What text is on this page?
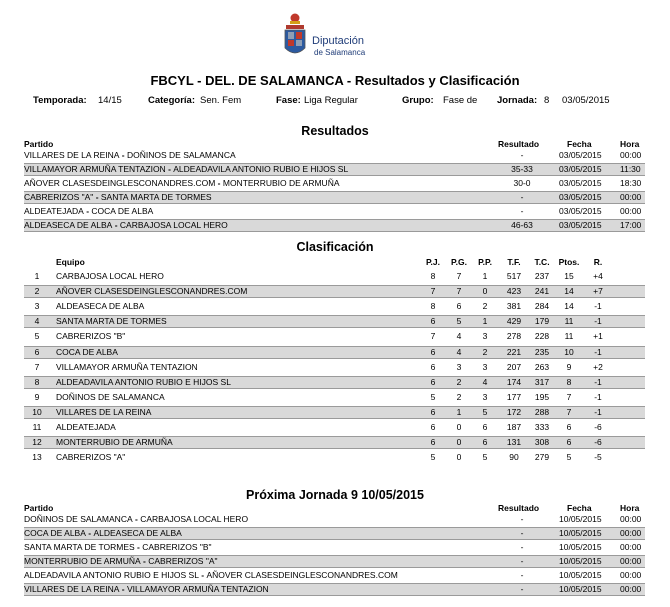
Diputación
de Salamanca
FBCYL - DEL. DE SALAMANCA - Resultados y Clasificación
Temporada: 14/15	Categoría: Sen. Fem	Fase: Liga Regular	Grupo: Fase de Jornada: 8 03/05/2015
Resultados
Partido	Resultado	Fecha	Hora
VILLARES DE LA REINA - DOÑINOS DE SALAMANCA	-	03/05/2015 00:00
VILLAMAYOR ARMUÑA TENTAZION - ALDEADAVILA ANTONIO RUBIO E HIJOS SL	35-33	03/05/2015 11:30
AÑOVER CLASESDEINGLESCONANDRES.COM - MONTERRUBIO DE ARMUÑA	30-0	03/05/2015 18:30
CABRERIZOS "A" - SANTA MARTA DE TORMES	-	03/05/2015 00:00
ALDEATEJADA - COCA DE ALBA	-	03/05/2015 00:00
ALDEASECA DE ALBA - CARBAJOSA LOCAL HERO	46-63	03/05/2015 17:00
Clasificación
Equipo	P.J.	P.G.	P.P.	T.F.	T.C.	Ptos.	R.
1	CARBAJOSA LOCAL HERO	8	7	1	517	237	15	+4
2	AÑOVER CLASESDEINGLESCONANDRES.COM	7	7	0	423	241	14	+7
3	ALDEASECA DE ALBA	8	6	2	381	284	14	-1
4	SANTA MARTA DE TORMES	6	5	1	429	179	11	-1
5	CABRERIZOS "B"	7	4	3	278	228	11	+1
6	COCA DE ALBA	6	4	2	221	235	10	-1
7	VILLAMAYOR ARMUÑA TENTAZION	6	3	3	207	263	9	+2
8	ALDEADAVILA ANTONIO RUBIO E HIJOS SL	6	2	4	174	317	8	-1
9	DOÑINOS DE SALAMANCA	5	2	3	177	195	7	-1
10	VILLARES DE LA REINA	6	1	5	172	288	7	-1
11	ALDEATEJADA	6	0	6	187	333	6	-6
12	MONTERRUBIO DE ARMUÑA	6	0	6	131	308	6	-6
13	CABRERIZOS "A"	5	0	5	90	279	5	-5
Próxima Jornada 9 10/05/2015
Partido	Resultado	Fecha	Hora
DOÑINOS DE SALAMANCA - CARBAJOSA LOCAL HERO	-	10/05/2015 00:00
COCA DE ALBA - ALDEASECA DE ALBA	-	10/05/2015 00:00
SANTA MARTA DE TORMES - CABRERIZOS "B"	-	10/05/2015 00:00
MONTERRUBIO DE ARMUÑA - CABRERIZOS "A"	-	10/05/2015 00:00
ALDEADAVILA ANTONIO RUBIO E HIJOS SL - AÑOVER CLASESDEINGLESCONANDRES.COM	-	10/05/2015 00:00
VILLARES DE LA REINA - VILLAMAYOR ARMUÑA TENTAZION	-	10/05/2015 00:00
